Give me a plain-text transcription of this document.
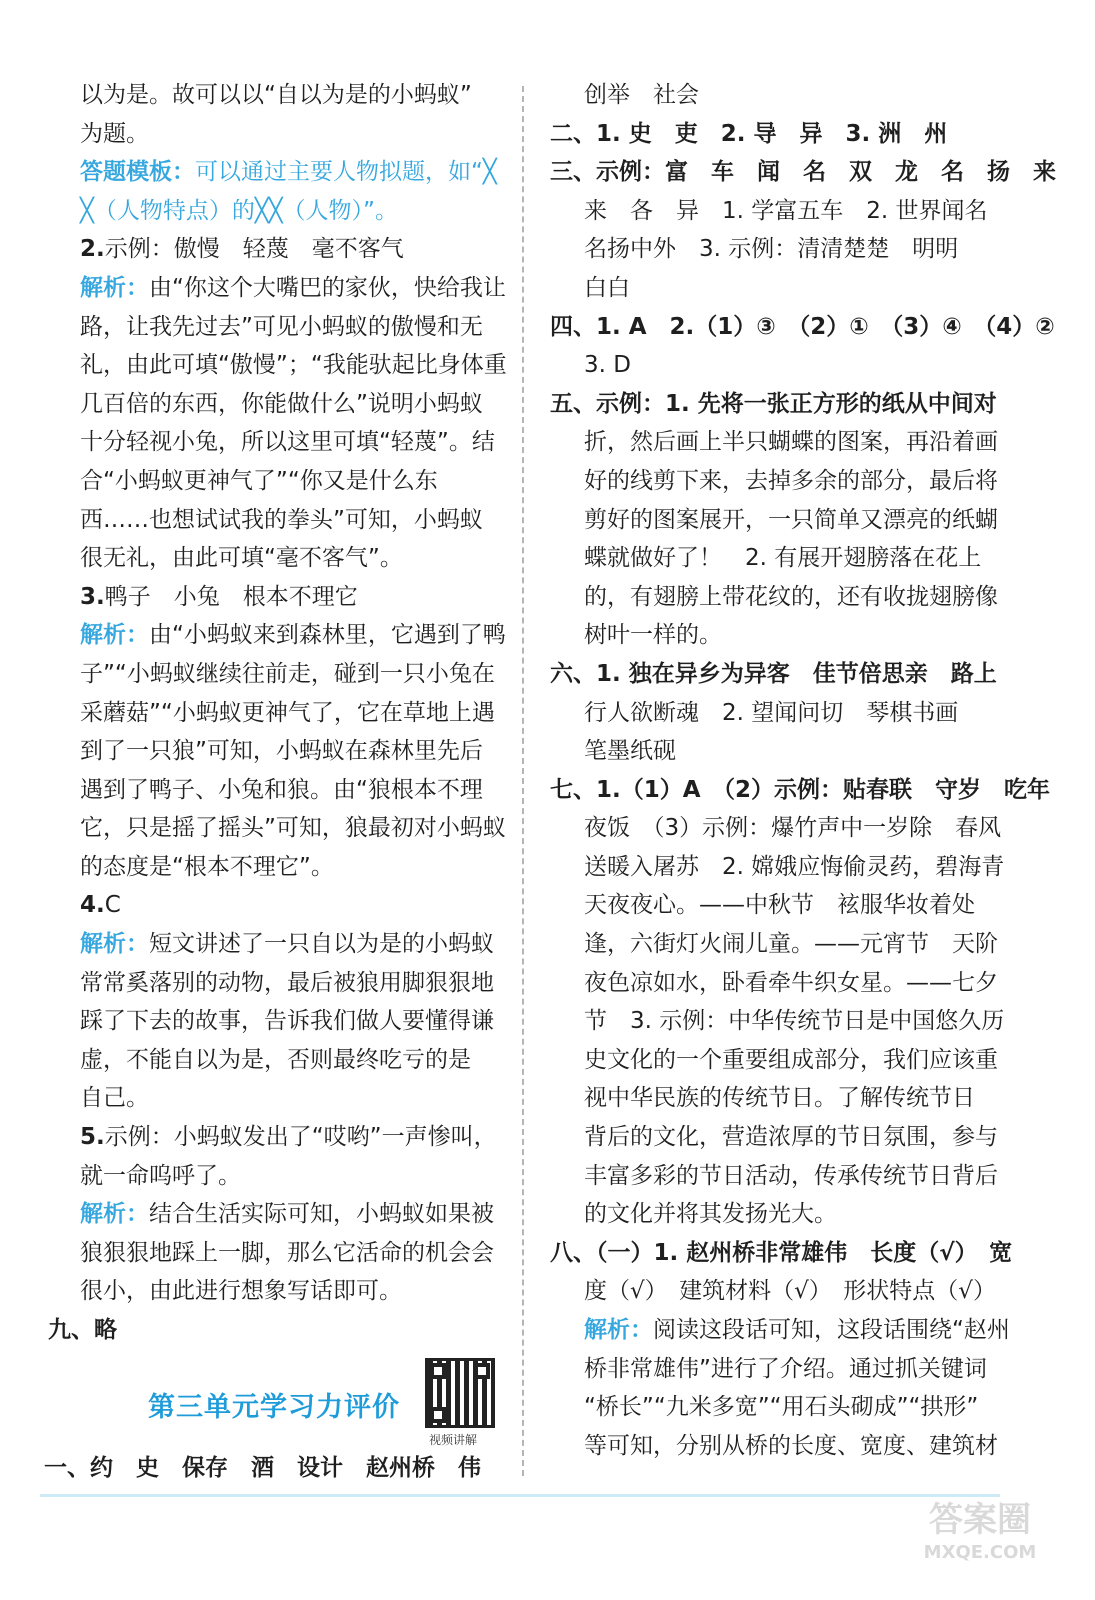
以为是。故可以以“自以为是的小蚂蚁”
为题。
答题模板：可以通过主要人物拟题，如“╳
╳（人物特点）的╳╳（人物）”。
2.示例：傲慢　轻蔑　毫不客气
解析：由“你这个大嘴巴的家伙，快给我让
路，让我先过去”可见小蚂蚁的傲慢和无
礼，由此可填“傲慢”；“我能驮起比身体重
几百倍的东西，你能做什么”说明小蚂蚁
十分轻视小兔，所以这里可填“轻蔑”。结
合“小蚂蚁更神气了”“你又是什么东
西……也想试试我的拳头”可知，小蚂蚁
很无礼，由此可填“毫不客气”。
3.鸭子　小兔　根本不理它
解析：由“小蚂蚁来到森林里，它遇到了鸭
子”“小蚂蚁继续往前走，碰到一只小兔在
采蘑菇”“小蚂蚁更神气了，它在草地上遇
到了一只狼”可知，小蚂蚁在森林里先后
遇到了鸭子、小兔和狼。由“狼根本不理
它，只是摇了摇头”可知，狼最初对小蚂蚁
的态度是“根本不理它”。
4.C
解析：短文讲述了一只自以为是的小蚂蚁
常常奚落别的动物，最后被狼用脚狠狠地
踩了下去的故事，告诉我们做人要懂得谦
虚，不能自以为是，否则最终吃亏的是
自己。
5.示例：小蚂蚁发出了“哎哟”一声惨叫，
就一命呜呼了。
解析：结合生活实际可知，小蚂蚁如果被
狼狠狠地踩上一脚，那么它活命的机会会
很小，由此进行想象写话即可。
九、略
第三单元学习力评价
视频讲解
一、约　史　保存　酒　设计　赵州桥　伟
创举　社会
二、1. 史　吏　2. 导　异　3. 洲　州
三、示例：富　车　闻　名　双　龙　名　扬　来
来　各　异　1. 学富五车　2. 世界闻名
名扬中外　3. 示例：清清楚楚　明明
白白
四、1. A　2.（1）③　（2）①　（3）④　（4）②
3. D
五、示例：1. 先将一张正方形的纸从中间对
折，然后画上半只蝴蝶的图案，再沿着画
好的线剪下来，去掉多余的部分，最后将
剪好的图案展开，一只简单又漂亮的纸蝴
蝶就做好了！　2. 有展开翅膀落在花上
的，有翅膀上带花纹的，还有收拢翅膀像
树叶一样的。
六、1. 独在异乡为异客　佳节倍思亲　路上
行人欲断魂　2. 望闻问切　琴棋书画
笔墨纸砚
七、1.（1）A　（2）示例：贴春联　守岁　吃年
夜饭　（3）示例：爆竹声中一岁除　春风
送暖入屠苏　2. 嫦娥应悔偷灵药，碧海青
天夜夜心。——中秋节　袨服华妆着处
逢，六街灯火闹儿童。——元宵节　天阶
夜色凉如水，卧看牵牛织女星。——七夕
节　3. 示例：中华传统节日是中国悠久历
史文化的一个重要组成部分，我们应该重
视中华民族的传统节日。了解传统节日
背后的文化，营造浓厚的节日氛围，参与
丰富多彩的节日活动，传承传统节日背后
的文化并将其发扬光大。
八、（一）1. 赵州桥非常雄伟　长度（√）　宽
度（√）　建筑材料（√）　形状特点（√）
解析：阅读这段话可知，这段话围绕“赵州
桥非常雄伟”进行了介绍。通过抓关键词
“桥长”“九米多宽”“用石头砌成”“拱形”
等可知，分别从桥的长度、宽度、建筑材
答案圈
MXQE.COM
